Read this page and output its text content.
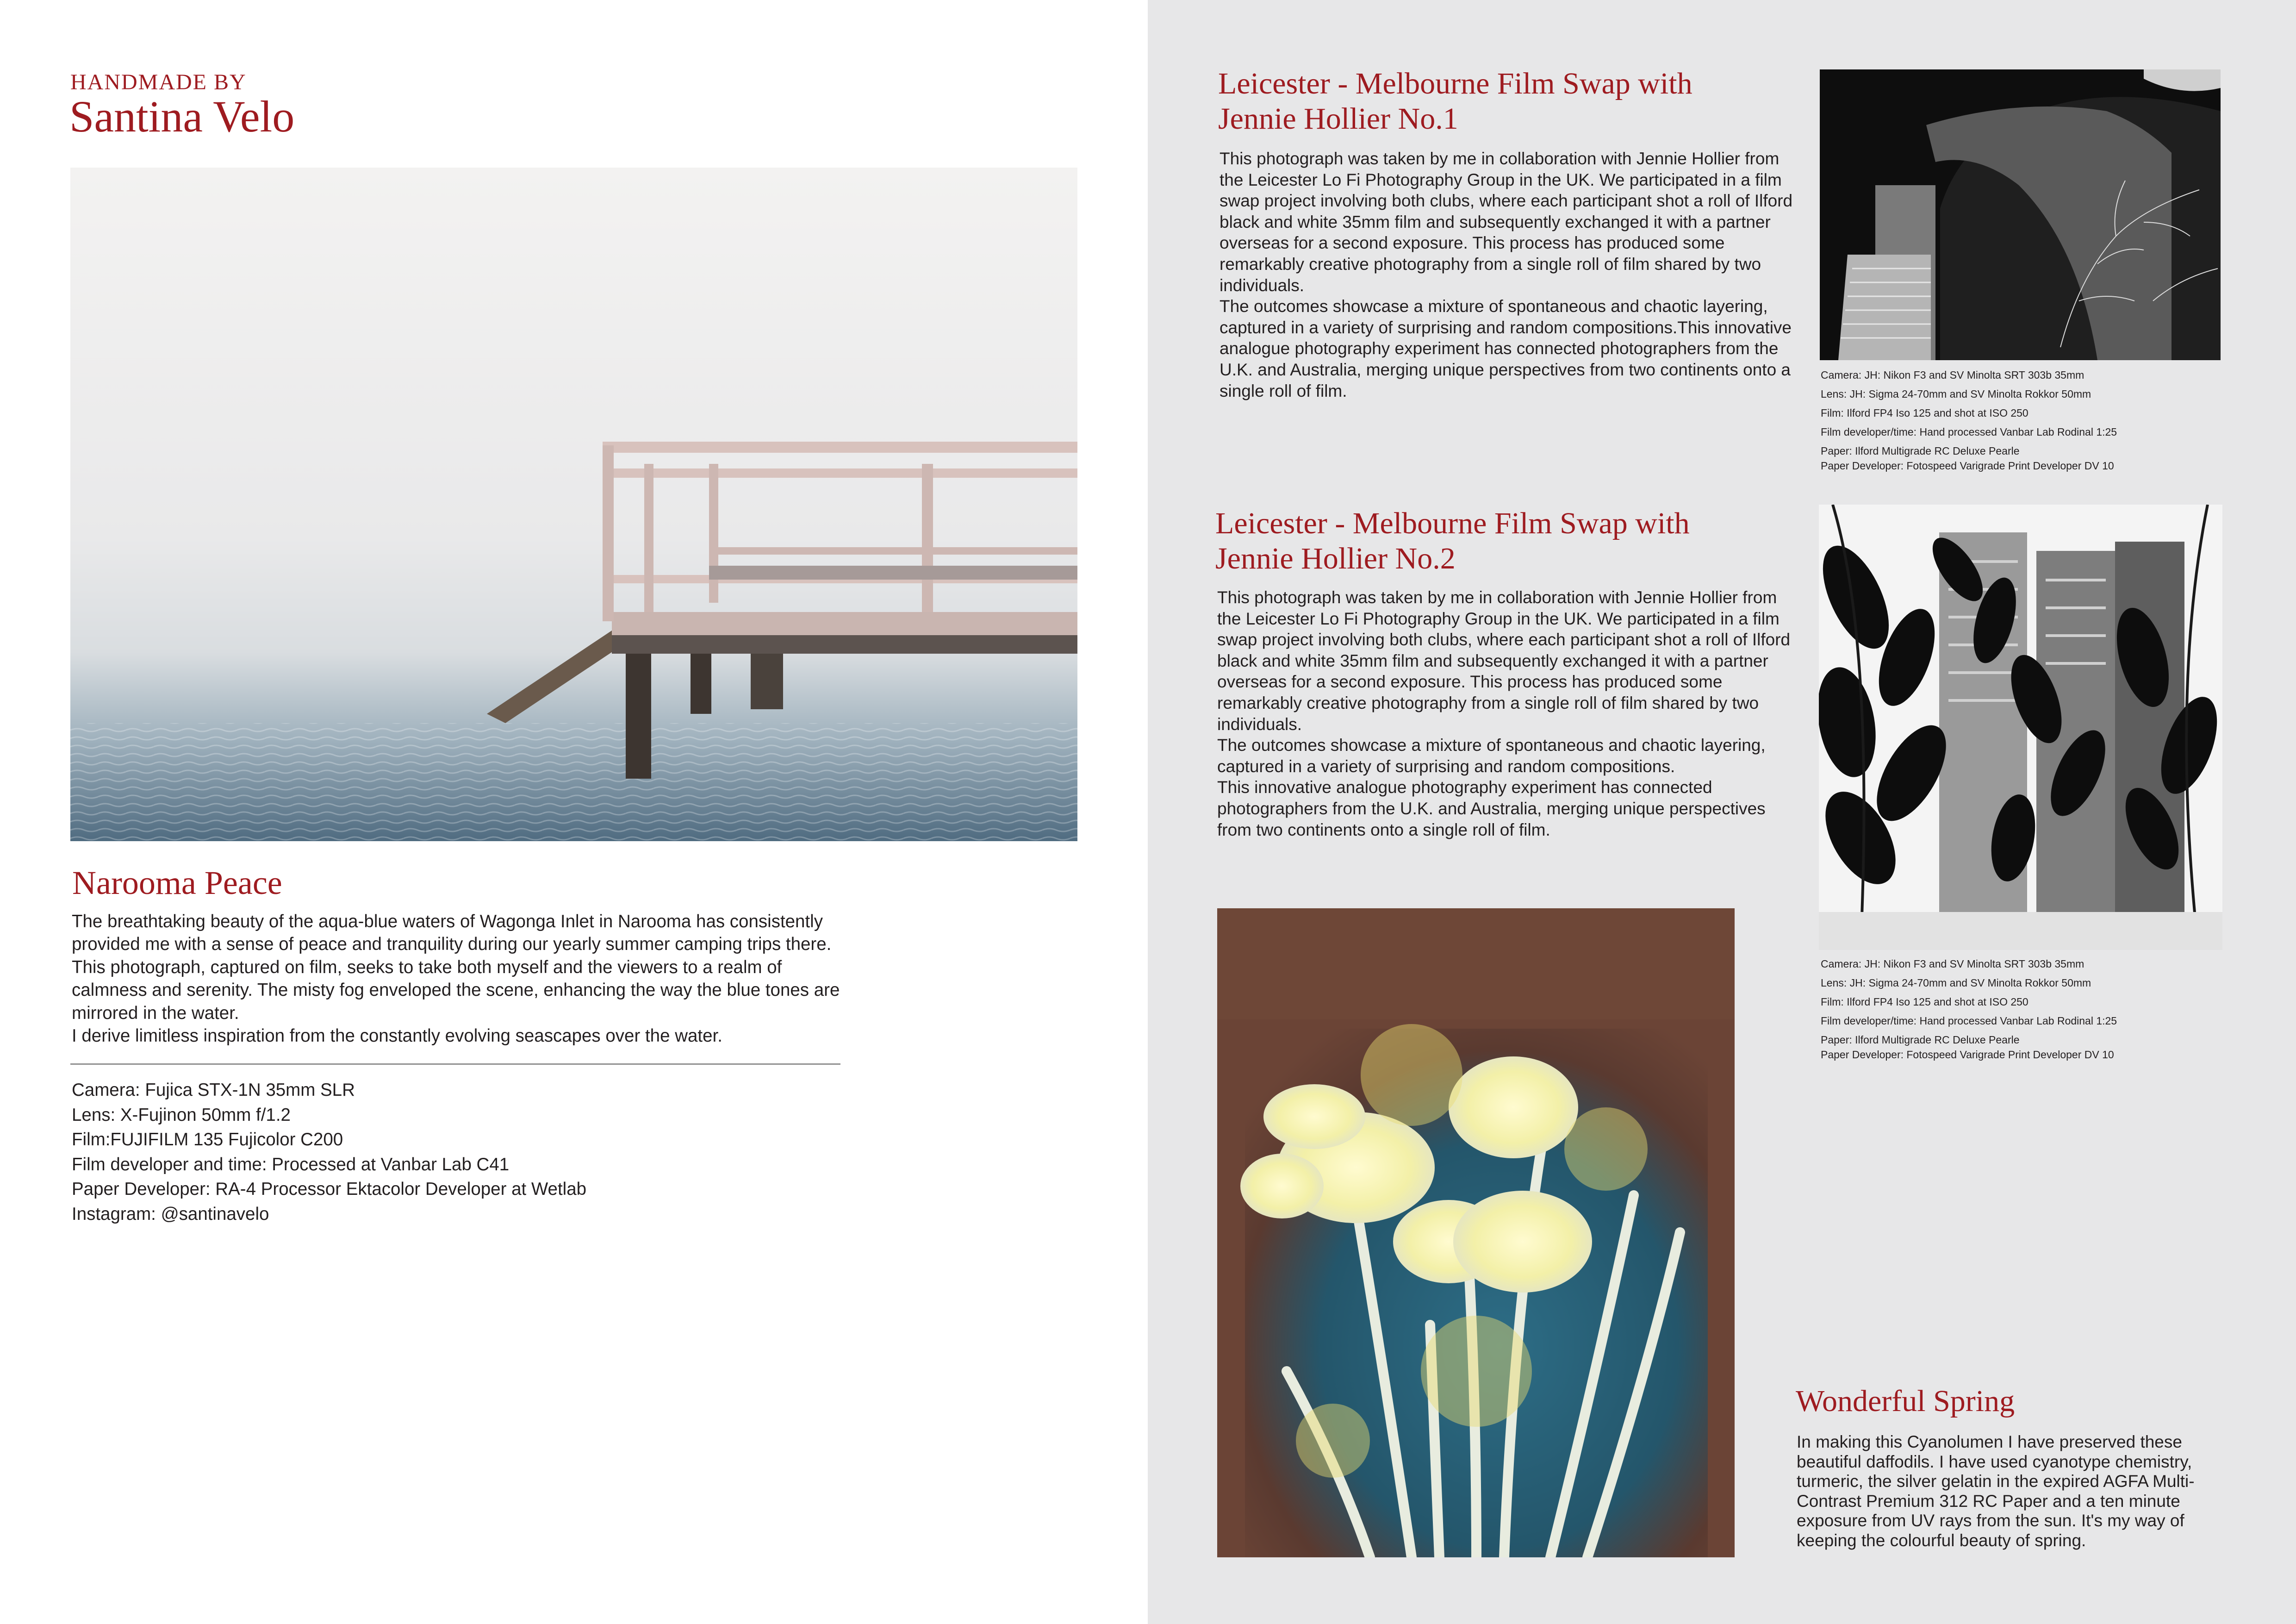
HANDMADE BY
Santina Velo
Narooma Peace

The breathtaking beauty of the aqua-blue waters of Wagonga Inlet in Narooma has consistently provided me with a sense of peace and tranquility during our yearly summer camping trips there. This photograph, captured on film, seeks to take both myself and the viewers to a realm of calmness and serenity. The misty fog enveloped the scene, enhancing the way the blue tones are mirrored in the water.

I derive limitless inspiration from the constantly evolving seascapes over the water.

Camera: Fujica STX-1N 35mm SLR
Lens: X-Fujinon 50mm f/1.2
Film:FUJIFILM 135 Fujicolor C200
Film developer and time: Processed at Vanbar Lab C41
Paper Developer: RA-4 Processor Ektacolor Developer at Wetlab
Instagram: @santinavelo
Leicester - Melbourne Film Swap with
Jennie Hollier No.1

This photograph was taken by me in collaboration with Jennie Hollier from the Leicester Lo Fi Photography Group in the UK. We participated in a film swap project involving both clubs, where each participant shot a roll of Ilford black and white 35mm film and subsequently exchanged it with a partner overseas for a second exposure. This process has produced some remarkably creative photography from a single roll of film shared by two individuals.

The outcomes showcase a mixture of spontaneous and chaotic layering, captured in a variety of surprising and random compositions.This innovative analogue photography experiment has connected photographers from the U.K. and Australia, merging unique perspectives from two continents onto a single roll of film.

Camera: JH: Nikon F3 and SV Minolta SRT 303b 35mm
Lens: JH: Sigma 24-70mm and SV Minolta Rokkor 50mm
Film: Ilford FP4 Iso 125 and shot at ISO 250
Film developer/time: Hand processed Vanbar Lab Rodinal 1:25
Paper: Ilford Multigrade RC Deluxe Pearle
Paper Developer: Fotospeed Varigrade Print Developer DV 10
Leicester - Melbourne Film Swap with
Jennie Hollier No.2

This photograph was taken by me in collaboration with Jennie Hollier from the Leicester Lo Fi Photography Group in the UK. We participated in a film swap project involving both clubs, where each participant shot a roll of Ilford black and white 35mm film and subsequently exchanged it with a partner overseas for a second exposure. This process has produced some remarkably creative photography from a single roll of film shared by two individuals.

The outcomes showcase a mixture of spontaneous and chaotic layering, captured in a variety of surprising and random compositions.

This innovative analogue photography experiment has connected photographers from the U.K. and Australia, merging unique perspectives from two continents onto a single roll of film.

Camera: JH: Nikon F3 and SV Minolta SRT 303b 35mm
Lens: JH: Sigma 24-70mm and SV Minolta Rokkor 50mm
Film: Ilford FP4 Iso 125 and shot at ISO 250
Film developer/time: Hand processed Vanbar Lab Rodinal 1:25
Paper: Ilford Multigrade RC Deluxe Pearle
Paper Developer: Fotospeed Varigrade Print Developer DV 10
Wonderful Spring

In making this Cyanolumen I have preserved these beautiful daffodils. I have used cyanotype chemistry, turmeric, the silver gelatin in the expired AGFA Multi-Contrast Premium 312 RC Paper and a ten minute exposure from UV rays from the sun. It's my way of keeping the colourful beauty of spring.
